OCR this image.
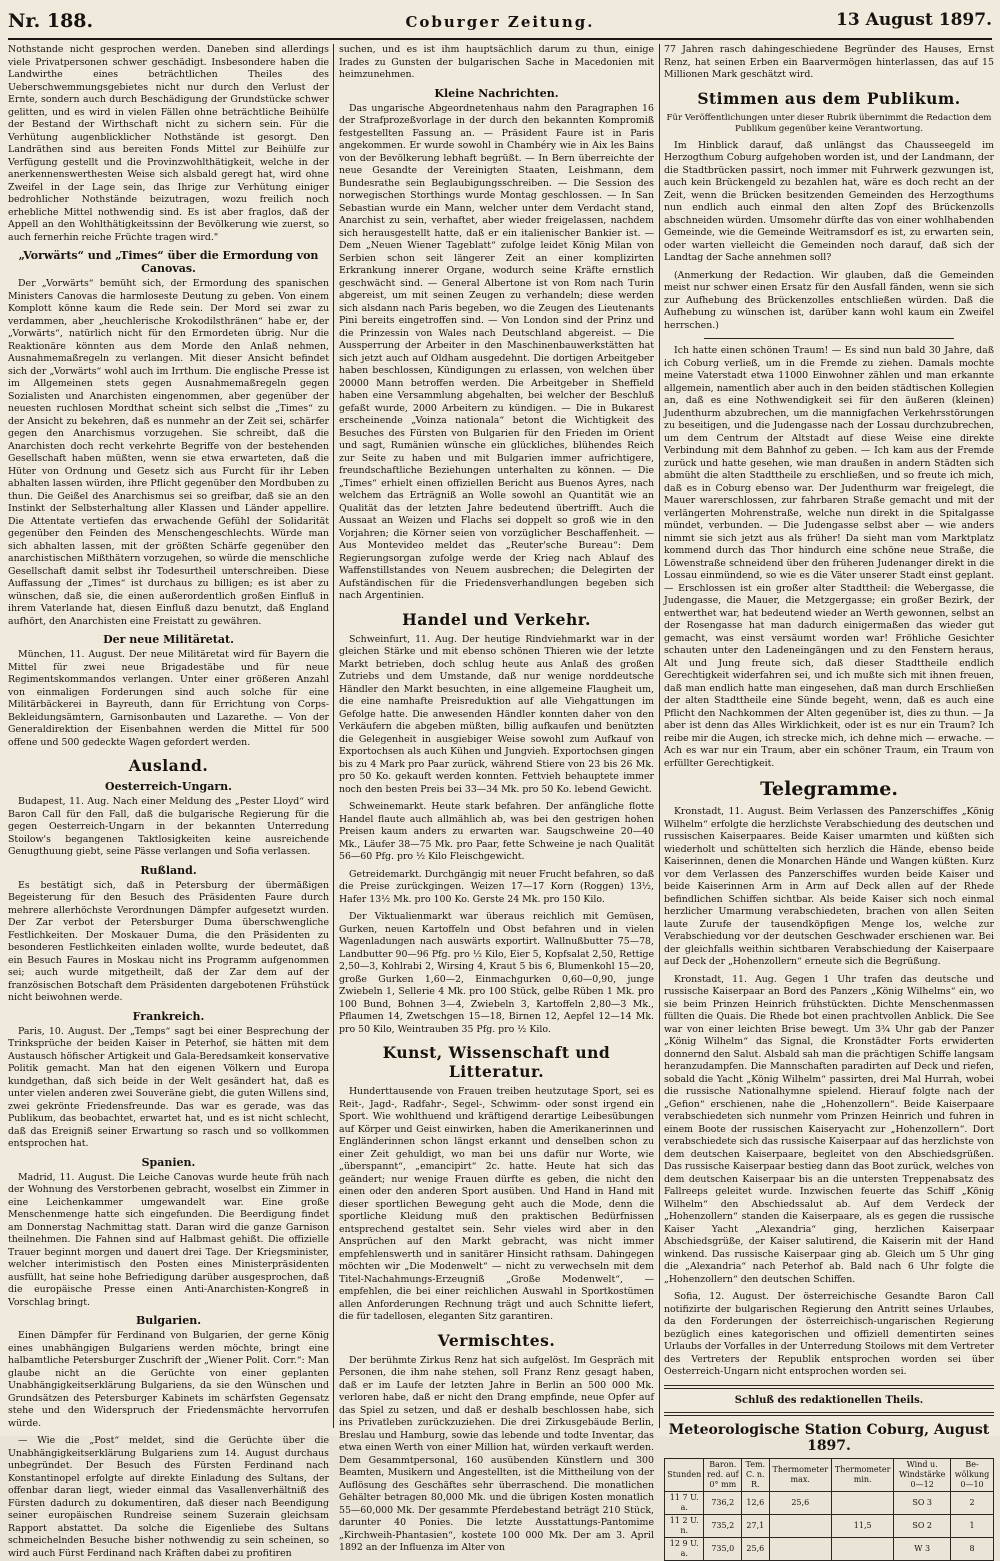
Nr. 188.	Coburger Zeitung.	13 August 1897.

Nothstande nicht gesprochen werden. Daneben sind allerdings viele Privatpersonen schwer geschädigt. Insbesondere haben die Landwirthe eines beträchtlichen Theiles des Ueberschwemmungsgebietes nicht nur durch den Verlust der Ernte, sondern auch durch Beschädigung der Grundstücke schwer gelitten, und es wird in vielen Fällen ohne beträchtliche Beihülfe der Bestand der Wirthschaft nicht zu sichern sein. Für die Verhütung augenblicklicher Nothstände ist gesorgt. Den Landräthen sind aus bereiten Fonds Mittel zur Beihülfe zur Verfügung gestellt und die Provinzwohlthätigkeit, welche in der anerkennenswerthesten Weise sich alsbald geregt hat, wird ohne Zweifel in der Lage sein, das Ihrige zur Verhütung einiger bedrohlicher Nothstände beizutragen, wozu freilich noch erhebliche Mittel nothwendig sind. Es ist aber fraglos, daß der Appell an den Wohlthätigkeitssinn der Bevölkerung wie zuerst, so auch fernerhin reiche Früchte tragen wird."

„Vorwärts“ und „Times“ über die Ermordung von Canovas.

Der „Vorwärts“ bemüht sich, der Ermordung des spanischen Ministers Canovas die harmloseste Deutung zu geben. Von einem Komplott könne kaum die Rede sein. Der Mord sei zwar zu verdammen, aber „heuchlerische Krokodilsthränen“ habe er, der „Vorwärts“, natürlich nicht für den Ermordeten übrig. Nur die Reaktionäre könnten aus dem Morde den Anlaß nehmen, Ausnahmemaßregeln zu verlangen. Mit dieser Ansicht befindet sich der „Vorwärts“ wohl auch im Irrthum. Die englische Presse ist im Allgemeinen stets gegen Ausnahmemaßregeln gegen Sozialisten und Anarchisten eingenommen, aber gegenüber der neuesten ruchlosen Mordthat scheint sich selbst die „Times“ zu der Ansicht zu bekehren, daß es nunmehr an der Zeit sei, schärfer gegen den Anarchismus vorzugehen. Sie schreibt, daß die Anarchisten doch recht verkehrte Begriffe von der bestehenden Gesellschaft haben müßten, wenn sie etwa erwarteten, daß die Hüter von Ordnung und Gesetz sich aus Furcht für ihr Leben abhalten lassen würden, ihre Pflicht gegenüber den Mordbuben zu thun. Die Geißel des Anarchismus sei so greifbar, daß sie an den Instinkt der Selbsterhaltung aller Klassen und Länder appellire. Die Attentate vertiefen das erwachende Gefühl der Solidarität gegenüber den Feinden des Menschengeschlechts. Würde man sich abhalten lassen, mit der größten Schärfe gegenüber den anarchistischen Mißthätern vorzugehen, so würde die menschliche Gesellschaft damit selbst ihr Todesurtheil unterschreiben. Diese Auffassung der „Times“ ist durchaus zu billigen; es ist aber zu wünschen, daß sie, die einen außerordentlich großen Einfluß in ihrem Vaterlande hat, diesen Einfluß dazu benutzt, daß England aufhört, den Anarchisten eine Freistatt zu gewähren.

Der neue Militäretat.

München, 11. August. Der neue Militäretat wird für Bayern die Mittel für zwei neue Brigadestäbe und für neue Regimentskommandos verlangen. Unter einer größeren Anzahl von einmaligen Forderungen sind auch solche für eine Militärbäckerei in Bayreuth, dann für Errichtung von Corps-Bekleidungsämtern, Garnisonbauten und Lazarethe. — Von der Generaldirektion der Eisenbahnen werden die Mittel für 500 offene und 500 gedeckte Wagen gefordert werden.

Ausland.
Oesterreich-Ungarn.

Budapest, 11. Aug. Nach einer Meldung des „Pester Lloyd“ wird Baron Call für den Fall, daß die bulgarische Regierung für die gegen Oesterreich-Ungarn in der bekannten Unterredung Stoilow's begangenen Taktlosigkeiten keine ausreichende Genugthuung giebt, seine Pässe verlangen und Sofia verlassen.

Rußland.

Es bestätigt sich, daß in Petersburg der übermäßigen Begeisterung für den Besuch des Präsidenten Faure durch mehrere allerhöchste Verordnungen Dämpfer aufgesetzt wurden. Der Zar verbot der Petersburger Duma überschwengliche Festlichkeiten. Der Moskauer Duma, die den Präsidenten zu besonderen Festlichkeiten einladen wollte, wurde bedeutet, daß ein Besuch Faures in Moskau nicht ins Programm aufgenommen sei; auch wurde mitgetheilt, daß der Zar dem auf der französischen Botschaft dem Präsidenten dargebotenen Frühstück nicht beiwohnen werde.

Frankreich.

Paris, 10. August. Der „Temps“ sagt bei einer Besprechung der Trinksprüche der beiden Kaiser in Peterhof, sie hätten mit dem Austausch höfischer Artigkeit und Gala-Beredsamkeit konservative Politik gemacht. Man hat den eigenen Völkern und Europa kundgethan, daß sich beide in der Welt gesändert hat, daß es unter vielen anderen zwei Souveräne giebt, die guten Willens sind, zwei gekrönte Friedensfreunde. Das war es gerade, was das Publikum, das beobachtet, erwartet hat, und es ist nicht schlecht, daß das Ereigniß seiner Erwartung so rasch und so vollkommen entsprochen hat.

Spanien.

Madrid, 11. August. Die Leiche Canovas wurde heute früh nach der Wohnung des Verstorbenen gebracht, woselbst ein Zimmer in eine Leichenkammer umgewandelt war. Eine große Menschenmenge hatte sich eingefunden. Die Beerdigung findet am Donnerstag Nachmittag statt. Daran wird die ganze Garnison theilnehmen. Die Fahnen sind auf Halbmast gehißt. Die offizielle Trauer beginnt morgen und dauert drei Tage. Der Kriegsminister, welcher interimistisch den Posten eines Ministerpräsidenten ausfüllt, hat seine hohe Befriedigung darüber ausgesprochen, daß die europäische Presse einen Anti-Anarchisten-Kongreß in Vorschlag bringt.

Bulgarien.

Einen Dämpfer für Ferdinand von Bulgarien, der gerne König eines unabhängigen Bulgariens werden möchte, bringt eine halbamtliche Petersburger Zuschrift der „Wiener Polit. Corr.“: Man glaube nicht an die Gerüchte von einer geplanten Unabhängigkeitserklärung Bulgariens, da sie den Wünschen und Grundsätzen des Petersburger Kabinets im schärfsten Gegensatz stehe und den Widerspruch der Friedensmächte hervorrufen würde.

— Wie die „Post“ meldet, sind die Gerüchte über die Unabhängigkeitserklärung Bulgariens zum 14. August durchaus unbegründet. Der Besuch des Fürsten Ferdinand nach Konstantinopel erfolgte auf direkte Einladung des Sultans, der offenbar daran liegt, wieder einmal das Vasallenverhältniß des Fürsten dadurch zu dokumentiren, daß dieser nach Beendigung seiner europäischen Rundreise seinem Suzerain gleichsam Rapport abstattet. Da solche die Eigenliebe des Sultans schmeichelnden Besuche bisher nothwendig zu sein scheinen, so wird auch Fürst Ferdinand nach Kräften dabei zu profitiren

suchen, und es ist ihm hauptsächlich darum zu thun, einige Irades zu Gunsten der bulgarischen Sache in Macedonien mit heimzunehmen.

Kleine Nachrichten.

Das ungarische Abgeordnetenhaus nahm den Paragraphen 16 der Strafprozeßvorlage in der durch den bekannten Kompromiß festgestellten Fassung an. — Präsident Faure ist in Paris angekommen. Er wurde sowohl in Chambéry wie in Aix les Bains von der Bevölkerung lebhaft begrüßt. — In Bern überreichte der neue Gesandte der Vereinigten Staaten, Leishmann, dem Bundesrathe sein Beglaubigungsschreiben. — Die Session des norwegischen Storthings wurde Montag geschlossen. — In San Sebastian wurde ein Mann, welcher unter dem Verdacht stand, Anarchist zu sein, verhaftet, aber wieder freigelassen, nachdem sich herausgestellt hatte, daß er ein italienischer Bankier ist. — Dem „Neuen Wiener Tageblatt“ zufolge leidet König Milan von Serbien schon seit längerer Zeit an einer komplizirten Erkrankung innerer Organe, wodurch seine Kräfte ernstlich geschwächt sind. — General Albertone ist von Rom nach Turin abgereist, um mit seinen Zeugen zu verhandeln; diese werden sich alsdann nach Paris begeben, wo die Zeugen des Lieutenants Pini bereits eingetroffen sind. — Von London sind der Prinz und die Prinzessin von Wales nach Deutschland abgereist. — Die Aussperrung der Arbeiter in den Maschinenbauwerkstätten hat sich jetzt auch auf Oldham ausgedehnt. Die dortigen Arbeitgeber haben beschlossen, Kündigungen zu erlassen, von welchen über 20000 Mann betroffen werden. Die Arbeitgeber in Sheffield haben eine Versammlung abgehalten, bei welcher der Beschluß gefaßt wurde, 2000 Arbeitern zu kündigen. — Die in Bukarest erscheinende „Voinza nationala“ betont die Wichtigkeit des Besuches des Fürsten von Bulgarien für den Frieden im Orient und sagt, Rumänien wünsche ein glückliches, blühendes Reich zur Seite zu haben und mit Bulgarien immer aufrichtigere, freundschaftliche Beziehungen unterhalten zu können. — Die „Times“ erhielt einen offiziellen Bericht aus Buenos Ayres, nach welchem das Erträgniß an Wolle sowohl an Quantität wie an Qualität das der letzten Jahre bedeutend übertrifft. Auch die Aussaat an Weizen und Flachs sei doppelt so groß wie in den Vorjahren; die Körner seien von vorzüglicher Beschaffenheit. — Aus Montevideo meldet das „Reuter'sche Bureau“: Dem Regierungsorgan zufolge werde der Krieg nach Ablauf des Waffenstillstandes von Neuem ausbrechen; die Delegirten der Aufständischen für die Friedensverhandlungen begeben sich nach Argentinien.

Handel und Verkehr.

Schweinfurt, 11. Aug. Der heutige Rindviehmarkt war in der gleichen Stärke und mit ebenso schönen Thieren wie der letzte Markt betrieben, doch schlug heute aus Anlaß des großen Zutriebs und dem Umstande, daß nur wenige norddeutsche Händler den Markt besuchten, in eine allgemeine Flaugheit um, die eine namhafte Preisreduktion auf alle Viehgattungen im Gefolge hatte. Die anwesenden Händler konnten daher von den Verkäufern die abgeben müßten, billig aufkaufen und benützten die Gelegenheit in ausgiebiger Weise sowohl zum Aufkauf von Exportochsen als auch Kühen und Jungvieh. Exportochsen gingen bis zu 4 Mark pro Paar zurück, während Stiere von 23 bis 26 Mk. pro 50 Ko. gekauft werden konnten. Fettvieh behauptete immer noch den besten Preis bei 33—34 Mk. pro 50 Ko. lebend Gewicht.

Schweinemarkt. Heute stark befahren. Der anfängliche flotte Handel flaute auch allmählich ab, was bei den gestrigen hohen Preisen kaum anders zu erwarten war. Saugschweine 20—40 Mk., Läufer 38—75 Mk. pro Paar, fette Schweine je nach Qualität 56—60 Pfg. pro ½ Kilo Fleischgewicht.

Getreidemarkt. Durchgängig mit neuer Frucht befahren, so daß die Preise zurückgingen. Weizen 17—17 Korn (Roggen) 13½, Hafer 13½ Mk. pro 100 Ko. Gerste 24 Mk. pro 150 Kilo.

Der Viktualienmarkt war überaus reichlich mit Gemüsen, Gurken, neuen Kartoffeln und Obst befahren und in vielen Wagenladungen nach auswärts exportirt. Wallnußbutter 75—78, Landbutter 90—96 Pfg. pro ½ Kilo, Eier 5, Kopfsalat 2,50, Rettige 2,50—3, Kohlrabi 2, Wirsing 4, Kraut 5 bis 6, Blumenkohl 15—20, große Gurken 1,60—2, Einmachgurken 0,60—0,90, junge Zwiebeln 1, Sellerie 4 Mk. pro 100 Stück, gelbe Rüben 1 Mk. pro 100 Bund, Bohnen 3—4, Zwiebeln 3, Kartoffeln 2,80—3 Mk., Pflaumen 14, Zwetschgen 15—18, Birnen 12, Aepfel 12—14 Mk. pro 50 Kilo, Weintrauben 35 Pfg. pro ½ Kilo.

Kunst, Wissenschaft und Litteratur.

Hunderttausende von Frauen treiben heutzutage Sport, sei es Reit-, Jagd-, Radfahr-, Segel-, Schwimm- oder sonst irgend ein Sport. Wie wohlthuend und kräftigend derartige Leibesübungen auf Körper und Geist einwirken, haben die Amerikanerinnen und Engländerinnen schon längst erkannt und denselben schon zu einer Zeit gehuldigt, wo man bei uns dafür nur Worte, wie „überspannt“, „emancipirt“ 2c. hatte. Heute hat sich das geändert; nur wenige Frauen dürfte es geben, die nicht den einen oder den anderen Sport ausüben. Und Hand in Hand mit dieser sportlichen Bewegung geht auch die Mode, denn die sportliche Kleidung muß den praktischen Bedürfnissen entsprechend gestaltet sein. Sehr vieles wird aber in den Ansprüchen auf den Markt gebracht, was nicht immer empfehlenswerth und in sanitärer Hinsicht rathsam. Dahingegen möchten wir „Die Modenwelt“ — nicht zu verwechseln mit dem Titel-Nachahmungs-Erzeugniß „Große Modenwelt“, — empfehlen, die bei einer reichlichen Auswahl in Sportkostümen allen Anforderungen Rechnung trägt und auch Schnitte liefert, die für tadellosen, eleganten Sitz garantiren.

Vermischtes.

Der berühmte Zirkus Renz hat sich aufgelöst. Im Gespräch mit Personen, die ihm nahe stehen, soll Franz Renz gesagt haben, daß er im Laufe der letzten Jahre in Berlin an 500 000 Mk. verloren habe, daß er nicht den Drang empfinde, neue Opfer auf das Spiel zu setzen, und daß er deshalb beschlossen habe, sich ins Privatleben zurückzuziehen. Die drei Zirkusgebäude Berlin, Breslau und Hamburg, sowie das lebende und todte Inventar, das etwa einen Werth von einer Million hat, würden verkauft werden. Dem Gesammtpersonal, 160 ausübenden Künstlern und 300 Beamten, Musikern und Angestellten, ist die Mittheilung von der Auflösung des Geschäftes sehr überraschend. Die monatlichen Gehälter betragen 80,000 Mk. und die übrigen Kosten monatlich 55—60,000 Mk. Der gesammte Pferdebestand beträgt 210 Stück, darunter 40 Ponies. Die letzte Ausstattungs-Pantomime „Kirchweih-Phantasien“, kostete 100 000 Mk. Der am 3. April 1892 an der Influenza im Alter von

77 Jahren rasch dahingeschiedene Begründer des Hauses, Ernst Renz, hat seinen Erben ein Baarvermögen hinterlassen, das auf 15 Millionen Mark geschätzt wird.

Stimmen aus dem Publikum.

Für Veröffentlichungen unter dieser Rubrik übernimmt die Redaction dem Publikum gegenüber keine Verantwortung.

Im Hinblick darauf, daß unlängst das Chausseegeld im Herzogthum Coburg aufgehoben worden ist, und der Landmann, der die Stadtbrücken passirt, noch immer mit Fuhrwerk gezwungen ist, auch kein Brückengeld zu bezahlen hat, wäre es doch recht an der Zeit, wenn die Brücken besitzenden Gemeinden des Herzogthums nun endlich auch einmal den alten Zopf des Brückenzolls abschneiden würden. Umsomehr dürfte das von einer wohlhabenden Gemeinde, wie die Gemeinde Weitramsdorf es ist, zu erwarten sein, oder warten vielleicht die Gemeinden noch darauf, daß sich der Landtag der Sache annehmen soll?

(Anmerkung der Redaction. Wir glauben, daß die Gemeinden meist nur schwer einen Ersatz für den Ausfall fänden, wenn sie sich zur Aufhebung des Brückenzolles entschließen würden. Daß die Aufhebung zu wünschen ist, darüber kann wohl kaum ein Zweifel herrschen.)

Ich hatte einen schönen Traum! — Es sind nun bald 30 Jahre, daß ich Coburg verließ, um in die Fremde zu ziehen. Damals mochte meine Vaterstadt etwa 11000 Einwohner zählen und man erkannte allgemein, namentlich aber auch in den beiden städtischen Kollegien an, daß es eine Nothwendigkeit sei für den äußeren (kleinen) Judenthurm abzubrechen, um die mannigfachen Verkehrsstörungen zu beseitigen, und die Judengasse nach der Lossau durchzubrechen, um dem Centrum der Altstadt auf diese Weise eine direkte Verbindung mit dem Bahnhof zu geben. — Ich kam aus der Fremde zurück und hatte gesehen, wie man draußen in andern Städten sich abmüht die alten Stadttheile zu erschließen, und so freute ich mich, daß es in Coburg ebenso war. Der Judenthurm war freigelegt, die Mauer warerschlossen, zur fahrbaren Straße gemacht und mit der verlängerten Mohrenstraße, welche nun direkt in die Spitalgasse mündet, verbunden. — Die Judengasse selbst aber — wie anders nimmt sie sich jetzt aus als früher! Da sieht man vom Marktplatz kommend durch das Thor hindurch eine schöne neue Straße, die Löwenstraße schneidend über den früheren Judenanger direkt in die Lossau einmündend, so wie es die Väter unserer Stadt einst geplant. — Erschlossen ist ein großer alter Stadttheil: die Webergasse, die Judengasse, die Mauer, die Metzgergasse; ein großer Bezirk, der entwerthet war, hat bedeutend wieder an Werth gewonnen, selbst an der Rosengasse hat man dadurch einigermaßen das wieder gut gemacht, was einst versäumt worden war! Fröhliche Gesichter schauten unter den Ladeneingängen und zu den Fenstern heraus, Alt und Jung freute sich, daß dieser Stadttheile endlich Gerechtigkeit widerfahren sei, und ich mußte sich mit ihnen freuen, daß man endlich hatte man eingesehen, daß man durch Erschließen der alten Stadttheile eine Sünde begeht, wenn, daß es auch eine Pflicht den Nachkommen der Alten gegenüber ist, dies zu thun. — Ja aber ist denn das Alles Wirklichkeit, oder ist es nur ein Traum? Ich reibe mir die Augen, ich strecke mich, ich dehne mich — erwache. — Ach es war nur ein Traum, aber ein schöner Traum, ein Traum von erfüllter Gerechtigkeit.

Telegramme.

Kronstadt, 11. August. Beim Verlassen des Panzerschiffes „König Wilhelm“ erfolgte die herzlichste Verabschiedung des deutschen und russischen Kaiserpaares. Beide Kaiser umarmten und küßten sich wiederholt und schüttelten sich herzlich die Hände, ebenso beide Kaiserinnen, denen die Monarchen Hände und Wangen küßten. Kurz vor dem Verlassen des Panzerschiffes wurden beide Kaiser und beide Kaiserinnen Arm in Arm auf Deck allen auf der Rhede befindlichen Schiffen sichtbar. Als beide Kaiser sich noch einmal herzlicher Umarmung verabschiedeten, brachen von allen Seiten laute Zurufe der tausendköpfigen Menge los, welche zur Verabschiedung vor der deutschen Geschwader erschienen war. Bei der gleichfalls weithin sichtbaren Verabschiedung der Kaiserpaare auf Deck der „Hohenzollern“ erneute sich die Begrüßung.

Kronstadt, 11. Aug. Gegen 1 Uhr trafen das deutsche und russische Kaiserpaar an Bord des Panzers „König Wilhelms“ ein, wo sie beim Prinzen Heinrich frühstückten. Dichte Menschenmassen füllten die Quais. Die Rhede bot einen prachtvollen Anblick. Die See war von einer leichten Brise bewegt. Um 3¾ Uhr gab der Panzer „König Wilhelm“ das Signal, die Kronstädter Forts erwiderten donnernd den Salut. Alsbald sah man die prächtigen Schiffe langsam heranzudampfen. Die Mannschaften paradirten auf Deck und riefen, sobald die Yacht „König Wilhelm“ passirten, drei Mal Hurrah, wobei die russische Nationalhymne spielend. Hierauf folgte nach der „Gefion“ erschienen, nahe die „Hohenzollern“. Beide Kaiserpaare verabschiedeten sich nunmehr vom Prinzen Heinrich und fuhren in einem Boote der russischen Kaiseryacht zur „Hohenzollern“. Dort verabschiedete sich das russische Kaiserpaar auf das herzlichste von dem deutschen Kaiserpaare, begleitet von den Abschiedsgrüßen. Das russische Kaiserpaar bestieg dann das Boot zurück, welches von dem deutschen Kaiserpaar bis an die untersten Treppenabsatz des Fallreeps geleitet wurde. Inzwischen feuerte das Schiff „König Wilhelm“ den Abschiedssalut ab. Auf dem Verdeck der „Hohenzollern“ standen die Kaiserpaare, als es gegen die russische Kaiser Yacht „Alexandria“ ging, herzlichen Kaiserpaar Abschiedsgrüße, der Kaiser salutirend, die Kaiserin mit der Hand winkend. Das russische Kaiserpaar ging ab. Gleich um 5 Uhr ging die „Alexandria“ nach Peterhof ab. Bald nach 6 Uhr folgte die „Hohenzollern“ den deutschen Schiffen.

Sofia, 12. August. Der österreichische Gesandte Baron Call notifizirte der bulgarischen Regierung den Antritt seines Urlaubes, da den Forderungen der österreichisch-ungarischen Regierung bezüglich eines kategorischen und offiziell dementirten seines Urlaubs der Vorfalles in der Unterredung Stoilows mit dem Vertreter des Vertreters der Republik entsprochen worden sei über Oesterreich-Ungarn nicht entsprochen worden sei.

Schluß des redaktionellen Theils.
Meteorologische Station Coburg, August 1897.
Stunden	Baron. red. auf 0° mm	Tem. C. n. R.	Thermometer max.	Thermometer min.	Wind u. Windstärke 0—12	Be-wölkung 0—10
11 7 U. a.	736,2	12,6	25,6		SO 3	2
11 2 U. n.	735,2	27,1		11,5	SO 2	1
12 9 U. a.	735,0	25,6			W 3	8
